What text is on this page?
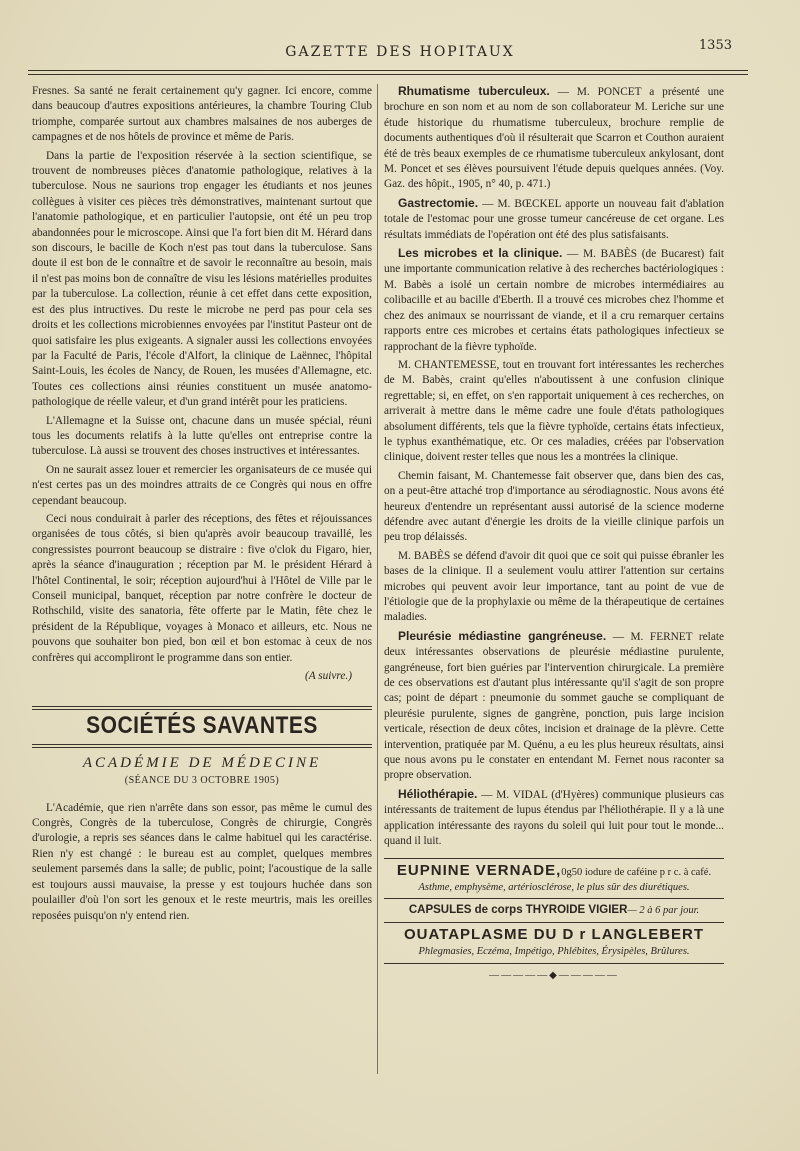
GAZETTE DES HOPITAUX	1353

Fresnes. Sa santé ne ferait certainement qu'y gagner. Ici encore, comme dans beaucoup d'autres expositions antérieures, la chambre Touring Club triomphe, comparée surtout aux chambres malsaines de nos auberges de campagnes et de nos hôtels de province et même de Paris.

Dans la partie de l'exposition réservée à la section scientifique, se trouvent de nombreuses pièces d'anatomie pathologique, relatives à la tuberculose. Nous ne saurions trop engager les étudiants et nos jeunes collègues à visiter ces pièces très démonstratives, maintenant surtout que l'anatomie pathologique, et en particulier l'autopsie, ont été un peu trop abandonnées pour le microscope. Ainsi que l'a fort bien dit M. Hérard dans son discours, le bacille de Koch n'est pas tout dans la tuberculose. Sans doute il est bon de le connaître et de savoir le reconnaître au besoin, mais il n'est pas moins bon de connaître de visu les lésions matérielles produites par la tuberculose. La collection, réunie à cet effet dans cette exposition, est des plus intructives. Du reste le microbe ne perd pas pour cela ses droits et les collections microbiennes envoyées par l'institut Pasteur ont de quoi satisfaire les plus exigeants. A signaler aussi les collections envoyées par la Faculté de Paris, l'école d'Alfort, la clinique de Laënnec, l'hôpital Saint-Louis, les écoles de Nancy, de Rouen, les musées d'Allemagne, etc. Toutes ces collections ainsi réunies constituent un musée anatomo-pathologique de réelle valeur, et d'un grand intérêt pour les praticiens.

L'Allemagne et la Suisse ont, chacune dans un musée spécial, réuni tous les documents relatifs à la lutte qu'elles ont entreprise contre la tuberculose. Là aussi se trouvent des choses instructives et intéressantes.

On ne saurait assez louer et remercier les organisateurs de ce musée qui n'est certes pas un des moindres attraits de ce Congrès qui nous en offre cependant beaucoup.

Ceci nous conduirait à parler des réceptions, des fêtes et réjouissances organisées de tous côtés, si bien qu'après avoir beaucoup travaillé, les congressistes pourront beaucoup se distraire : five o'clok du Figaro, hier, après la séance d'inauguration ; réception par M. le président Hérard à l'hôtel Continental, le soir; réception aujourd'hui à l'Hôtel de Ville par le Conseil municipal, banquet, réception par notre confrère le docteur de Rothschild, visite des sanatoria, fête offerte par le Matin, fête chez le président de la République, voyages à Monaco et ailleurs, etc. Nous ne pouvons que souhaiter bon pied, bon œil et bon estomac à ceux de nos confrères qui accompliront le programme dans son entier.

(A suivre.)
SOCIÉTÉS SAVANTES
ACADÉMIE DE MÉDECINE
(SÉANCE DU 3 OCTOBRE 1905)

L'Académie, que rien n'arrête dans son essor, pas même le cumul des Congrès, Congrès de la tuberculose, Congrès de chirurgie, Congrès d'urologie, a repris ses séances dans le calme habituel qui les caractérise. Rien n'y est changé : le bureau est au complet, quelques membres seulement parsemés dans la salle; de public, point; l'acoustique de la salle est toujours aussi mauvaise, la presse y est toujours huchée dans son poulailler d'où l'on sort les genoux et le reste meurtris, mais les oreilles reposées puisqu'on n'y entend rien.

Rhumatisme tuberculeux. — M. PONCET a présenté une brochure en son nom et au nom de son collaborateur M. Leriche sur une étude historique du rhumatisme tuberculeux, brochure remplie de documents authentiques d'où il résulterait que Scarron et Couthon auraient été de très beaux exemples de ce rhumatisme tuberculeux ankylosant, dont M. Poncet et ses élèves poursuivent l'étude depuis quelques années. (Voy. Gaz. des hôpit., 1905, n° 40, p. 471.)

Gastrectomie. — M. BŒCKEL apporte un nouveau fait d'ablation totale de l'estomac pour une grosse tumeur cancéreuse de cet organe. Les résultats immédiats de l'opération ont été des plus satisfaisants.

Les microbes et la clinique. — M. BABÈS (de Bucarest) fait une importante communication relative à des recherches bactériologiques : M. Babès a isolé un certain nombre de microbes intermédiaires au colibacille et au bacille d'Eberth. Il a trouvé ces microbes chez l'homme et chez des animaux se nourrissant de viande, et il a cru remarquer certains rapports entre ces microbes et certains états pathologiques infectieux se rapprochant de la fièvre typhoïde.

M. CHANTEMESSE, tout en trouvant fort intéressantes les recherches de M. Babès, craint qu'elles n'aboutissent à une confusion clinique regrettable; si, en effet, on s'en rapportait uniquement à ces recherches, on arriverait à mettre dans le même cadre une foule d'états pathologiques absolument différents, tels que la fièvre typhoïde, certains états infectieux, le typhus exanthématique, etc. Or ces maladies, créées par l'observation clinique, doivent rester telles que nous les a montrées la clinique.

Chemin faisant, M. Chantemesse fait observer que, dans bien des cas, on a peut-être attaché trop d'importance au sérodiagnostic. Nous avons été heureux d'entendre un représentant aussi autorisé de la science moderne défendre avec autant d'énergie les droits de la vieille clinique parfois un peu trop délaissés.

M. BABÈS se défend d'avoir dit quoi que ce soit qui puisse ébranler les bases de la clinique. Il a seulement voulu attirer l'attention sur certains microbes qui peuvent avoir leur importance, tant au point de vue de l'étiologie que de la prophylaxie ou même de la thérapeutique de certaines maladies.

Pleurésie médiastine gangréneuse. — M. FERNET relate deux intéressantes observations de pleurésie médiastine purulente, gangréneuse, fort bien guéries par l'intervention chirurgicale. La première de ces observations est d'autant plus intéressante qu'il s'agit de son propre cas; point de départ : pneumonie du sommet gauche se compliquant de pleurésie purulente, signes de gangrène, ponction, puis large incision verticale, résection de deux côtes, incision et drainage de la plèvre. Cette intervention, pratiquée par M. Quénu, a eu les plus heureux résultats, ainsi que nous avons pu le constater en entendant M. Fernet nous raconter sa propre observation.

Héliothérapie. — M. VIDAL (d'Hyères) communique plusieurs cas intéressants de traitement de lupus étendus par l'héliothérapie. Il y a là une application intéressante des rayons du soleil qui luit pour tout le monde... quand il luit.

EUPNINE VERNADE,0g50 iodure de caféine p r c. à café.
Asthme, emphysème, artériosclérose, le plus sûr des diurétiques.
CAPSULES de corps THYROIDE VIGIER— 2 à 6 par jour.
OUATAPLASME DU D r LANGLEBERT
Phlegmasies, Eczéma, Impétigo, Phlébites, Érysipèles, Brûlures.
—————◆—————
